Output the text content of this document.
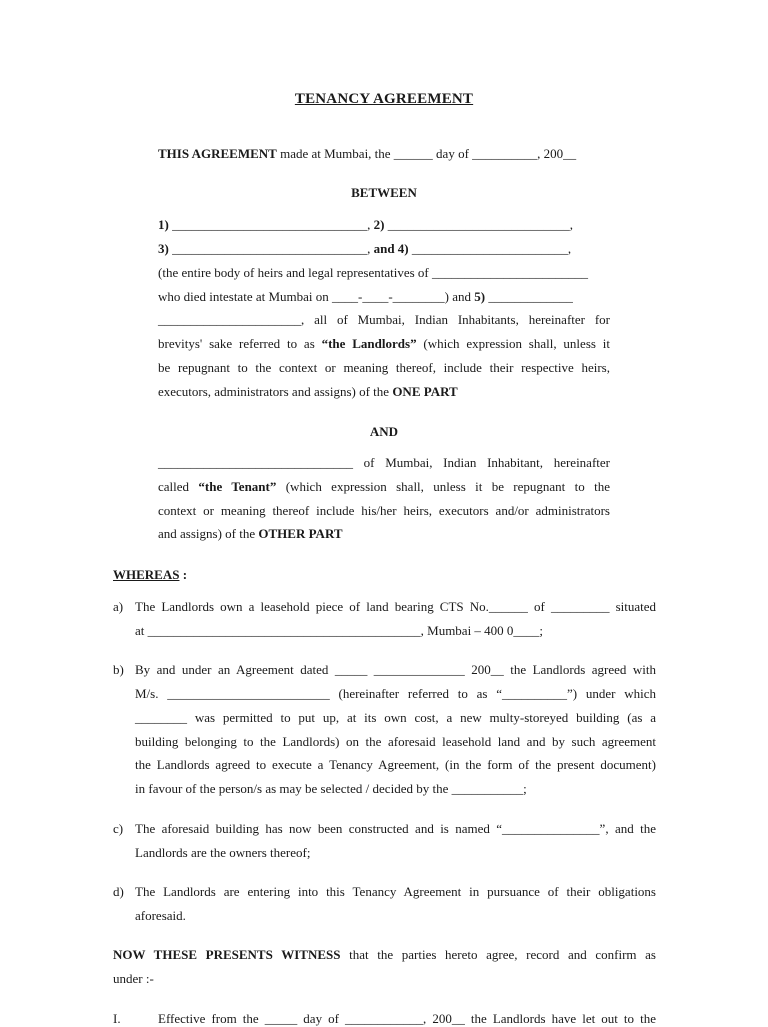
TENANCY AGREEMENT
THIS AGREEMENT made at Mumbai, the ______ day of __________, 200__
BETWEEN
1) ______________________________, 2) ____________________________,
3) ______________________________, and 4) ________________________,
(the entire body of heirs and legal representatives of ________________________
who died intestate at Mumbai on ____-____-________) and 5) _____________
______________________, all of Mumbai, Indian Inhabitants, hereinafter for
brevitys' sake referred to as “the Landlords” (which expression shall, unless it
be repugnant to the context or meaning thereof, include their respective heirs,
executors, administrators and assigns) of the ONE PART
AND
______________________________ of Mumbai, Indian Inhabitant, hereinafter
called “the Tenant” (which expression shall, unless it be repugnant to the
context or meaning thereof include his/her heirs, executors and/or administrators
and assigns) of the OTHER PART
WHEREAS :
a) The Landlords own a leasehold piece of land bearing CTS No.______ of _________ situated
at __________________________________________, Mumbai – 400 0____;
b) By and under an Agreement dated _____ ______________ 200__ the Landlords agreed with
M/s. _________________________ (hereinafter referred to as “__________”) under which
________ was permitted to put up, at its own cost, a new multy-storeyed building (as a
building belonging to the Landlords) on the aforesaid leasehold land and by such agreement
the Landlords agreed to execute a Tenancy Agreement, (in the form of the present document)
in favour of the person/s as may be selected / decided by the ___________;
c) The aforesaid building has now been constructed and is named “_______________”, and the
Landlords are the owners thereof;
d) The Landlords are entering into this Tenancy Agreement in pursuance of their obligations
aforesaid.
NOW THESE PRESENTS WITNESS that the parties hereto agree, record and confirm as
under :-
I.	Effective from the _____ day of ____________, 200__ the Landlords have let out to the
